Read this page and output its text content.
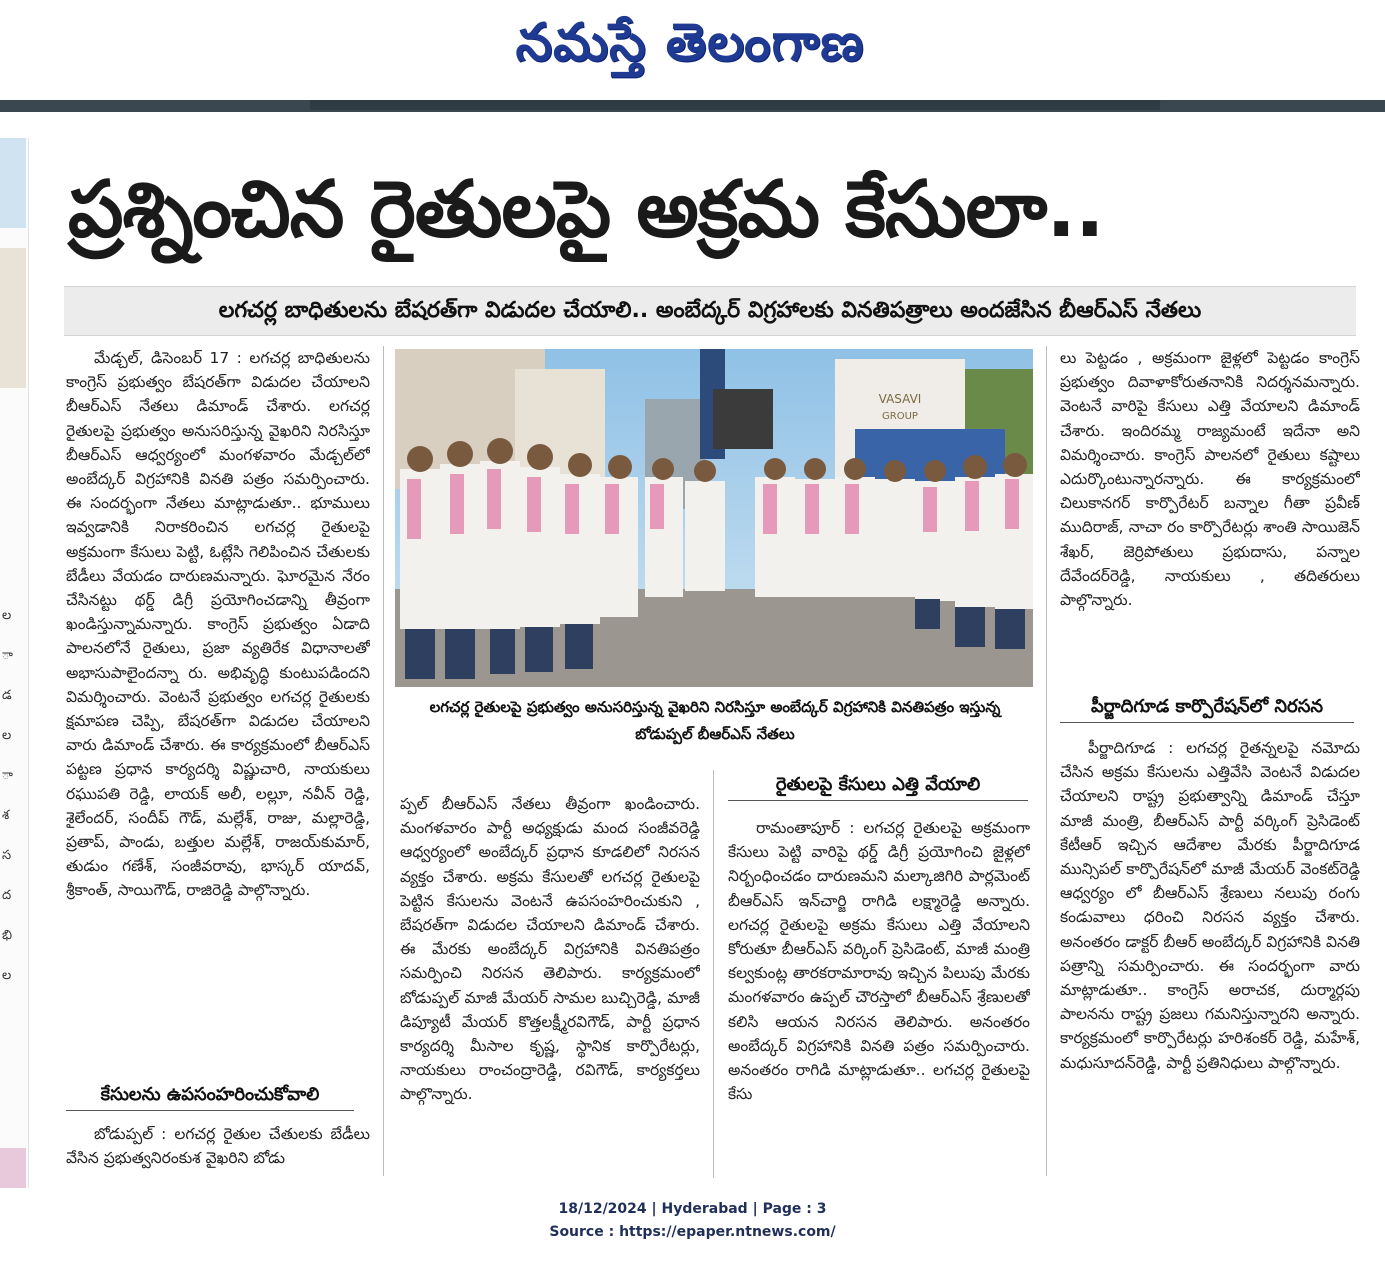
నమస్తే తెలంగాణ
ల
ా
డ
ల
ా
శ
స
ద
భి
ల
ప్రశ్నించిన రైతులపై అక్రమ కేసులా..
లగచర్ల బాధితులను బేషరత్‌గా విడుదల చేయాలి.. అంబేద్కర్ విగ్రహాలకు వినతిపత్రాలు అందజేసిన బీఆర్ఎస్ నేతలు

మేడ్చల్, డిసెంబర్ 17 : లగచర్ల బాధితులను కాంగ్రెస్ ప్రభుత్వం బేషరత్‌గా విడుదల చేయాలని బీఆర్ఎస్ నేతలు డిమాండ్ చేశారు. లగచర్ల రైతులపై ప్రభుత్వం అనుసరిస్తున్న వైఖరిని నిరసిస్తూ బీఆర్ఎస్ ఆధ్వర్యంలో మంగళవారం మేడ్చల్‌లో అంబేద్కర్ విగ్రహానికి వినతి పత్రం సమర్పించారు. ఈ సందర్భంగా నేతలు మాట్లాడుతూ.. భూములు ఇవ్వడానికి నిరాకరించిన లగచర్ల రైతులపై అక్రమంగా కేసులు పెట్టి, ఓట్లేసి గెలిపించిన చేతులకు బేడీలు వేయడం దారుణమన్నారు. ఘోరమైన నేరం చేసినట్టు థర్డ్ డిగ్రీ ప్రయోగించడాన్ని తీవ్రంగా ఖండిస్తున్నామన్నారు. కాంగ్రెస్ ప్రభుత్వం ఏడాది పాలనలోనే రైతులు, ప్రజా వ్యతిరేక విధానాలతో అభాసుపాలైందన్నా రు. అభివృద్ధి కుంటుపడిందని విమర్శించారు. వెంటనే ప్రభుత్వం లగచర్ల రైతులకు క్షమాపణ చెప్పి, బేషరత్‌గా విడుదల చేయాలని వారు డిమాండ్ చేశారు. ఈ కార్యక్రమంలో బీఆర్ఎస్ పట్టణ ప్రధాన కార్యదర్శి విష్ణుచారి, నాయకులు రఘుపతి రెడ్డి, లాయక్ అలీ, లల్లూ, నవీన్ రెడ్డి, శైలేందర్, సందీప్ గౌడ్, మల్లేశ్, రాజు, మల్లారెడ్డి, ప్రతాప్, పాండు, బత్తుల మల్లేశ్, రాజయ్‌కుమార్, తుడుం గణేశ్, సంజీవరావు, భాస్కర్ యాదవ్, శ్రీకాంత్, సాయిగౌడ్, రాజిరెడ్డి పాల్గొన్నారు.

కేసులను ఉపసంహరించుకోవాలి

బోడుప్పల్ : లగచర్ల రైతుల చేతులకు బేడీలు వేసిన ప్రభుత్వనిరంకుశ వైఖరిని బోడు

VASAVI
GROUP
లగచర్ల రైతులపై ప్రభుత్వం అనుసరిస్తున్న వైఖరిని నిరసిస్తూ అంబేద్కర్ విగ్రహానికి వినతిపత్రం ఇస్తున్న బోడుప్పల్ బీఆర్ఎస్ నేతలు

ప్పల్ బీఆర్ఎస్ నేతలు తీవ్రంగా ఖండించారు. మంగళవారం పార్టీ అధ్యక్షుడు మంద సంజీవరెడ్డి ఆధ్వర్యంలో అంబేద్కర్ ప్రధాన కూడలిలో నిరసన వ్యక్తం చేశారు. అక్రమ కేసులతో లగచర్ల రైతులపై పెట్టిన కేసులను వెంటనే ఉపసంహరించుకుని , బేషరత్‌గా విడుదల చేయాలని డిమాండ్ చేశారు. ఈ మేరకు అంబేద్కర్ విగ్రహానికి వినతిపత్రం సమర్పించి నిరసన తెలిపారు. కార్యక్రమంలో బోడుప్పల్ మాజీ మేయర్ సామల బుచ్చిరెడ్డి, మాజీ డిప్యూటీ మేయర్ కొత్తలక్ష్మీరవిగౌడ్, పార్టీ ప్రధాన కార్యదర్శి మీసాల కృష్ణ, స్థానిక కార్పొరేటర్లు, నాయకులు రాంచంద్రారెడ్డి, రవిగౌడ్, కార్యకర్తలు పాల్గొన్నారు.

రైతులపై కేసులు ఎత్తి వేయాలి

రామంతాపూర్ : లగచర్ల రైతులపై అక్రమంగా కేసులు పెట్టి వారిపై థర్డ్ డిగ్రీ ప్రయోగించి జైళ్లలో నిర్బంధించడం దారుణమని మల్కాజిగిరి పార్లమెంట్ బీఆర్ఎస్ ఇన్‌చార్జి రాగిడి లక్ష్మారెడ్డి అన్నారు. లగచర్ల రైతులపై అక్రమ కేసులు ఎత్తి వేయాలని కోరుతూ బీఆర్ఎస్ వర్కింగ్ ప్రెసిడెంట్, మాజీ మంత్రి కల్వకుంట్ల తారకరామారావు ఇచ్చిన పిలుపు మేరకు మంగళవారం ఉప్పల్ చౌరస్తాలో బీఆర్ఎస్ శ్రేణులతో కలిసి ఆయన నిరసన తెలిపారు. అనంతరం అంబేద్కర్ విగ్రహానికి వినతి పత్రం సమర్పించారు. అనంతరం రాగిడి మాట్లాడుతూ.. లగచర్ల రైతులపై కేసు

లు పెట్టడం , అక్రమంగా జైళ్లలో పెట్టడం కాంగ్రెస్ ప్రభుత్వం దివాళాకోరుతనానికి నిదర్శనమన్నారు. వెంటనే వారిపై కేసులు ఎత్తి వేయాలని డిమాండ్ చేశారు. ఇందిరమ్మ రాజ్యమంటే ఇదేనా అని విమర్శించారు. కాంగ్రెస్ పాలనలో రైతులు కష్టాలు ఎదుర్కొంటున్నారన్నారు. ఈ కార్యక్రమంలో చిలుకానగర్ కార్పొరేటర్ బన్నాల గీతా ప్రవీణ్ ముదిరాజ్, నాచా రం కార్పొరేటర్లు శాంతి సాయిజెన్ శేఖర్, జెర్రిపోతులు ప్రభుదాసు, పన్నాల దేవేందర్‌రెడ్డి, నాయకులు , తదితరులు పాల్గొన్నారు.

పీర్జాదిగూడ కార్పొరేషన్‌లో నిరసన

పీర్జాదిగూడ : లగచర్ల రైతన్నలపై నమోదు చేసిన అక్రమ కేసులను ఎత్తివేసి వెంటనే విడుదల చేయాలని రాష్ట్ర ప్రభుత్వాన్ని డిమాండ్ చేస్తూ మాజీ మంత్రి, బీఆర్ఎస్ పార్టీ వర్కింగ్ ప్రెసిడెంట్ కేటీఆర్ ఇచ్చిన ఆదేశాల మేరకు పీర్జాదిగూడ మున్సిపల్ కార్పొరేషన్‌లో మాజీ మేయర్ వెంకట్‌రెడ్డి ఆధ్వర్యం లో బీఆర్ఎస్ శ్రేణులు నలుపు రంగు కండువాలు ధరించి నిరసన వ్యక్తం చేశారు. అనంతరం డాక్టర్ బీఆర్ అంబేద్కర్ విగ్రహానికి వినతి పత్రాన్ని సమర్పించారు. ఈ సందర్భంగా వారు మాట్లాడుతూ.. కాంగ్రెస్ అరాచక, దుర్మార్గపు పాలనను రాష్ట్ర ప్రజలు గమనిస్తున్నారని అన్నారు. కార్యక్రమంలో కార్పొరేటర్లు హరిశంకర్ రెడ్డి, మహేశ్, మధుసూదన్‌రెడ్డి, పార్టీ ప్రతినిధులు పాల్గొన్నారు.

18/12/2024 | Hyderabad | Page : 3
Source : https://epaper.ntnews.com/
